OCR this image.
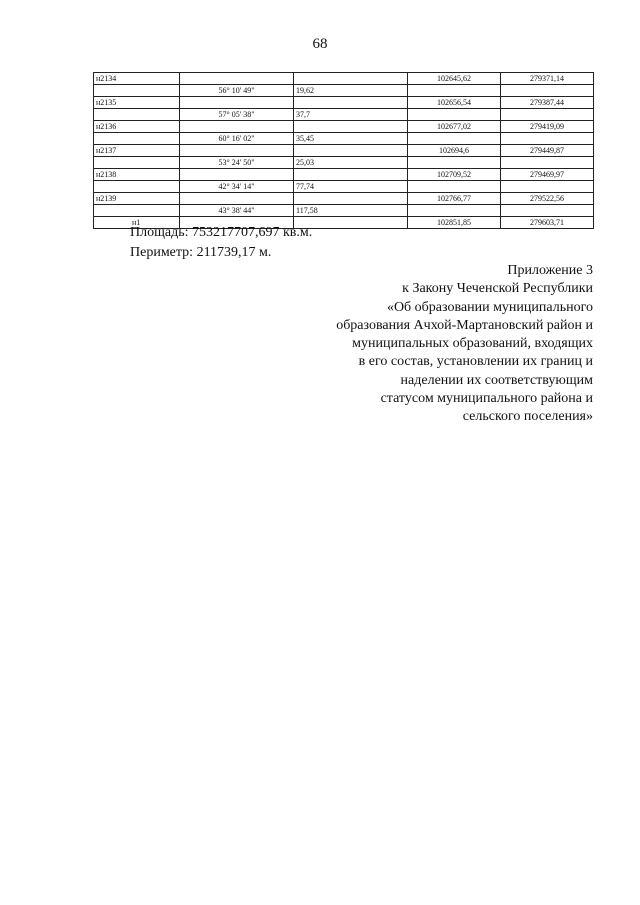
68
н2134			102645,62	279371,14
	56° 10' 49"	19,62		
н2135			102656,54	279387,44
	57° 05' 38"	37,7		
н2136			102677,02	279419,09
	60° 16' 02"	35,45		
н2137			102694,6	279449,87
	53° 24' 50"	25,03		
н2138			102709,52	279469,97
	42° 34' 14"	77,74		
н2139			102766,77	279522,56
	43° 38' 44"	117,58		
н1			102851,85	279603,71
Площадь: 753217707,697 кв.м.
Периметр: 211739,17 м.
Приложение 3
к Закону Чеченской Республики
«Об образовании муниципального
образования Ачхой-Мартановский район и
муниципальных образований, входящих
в его состав, установлении их границ и
наделении их соответствующим
статусом муниципального района и
сельского поселения»
